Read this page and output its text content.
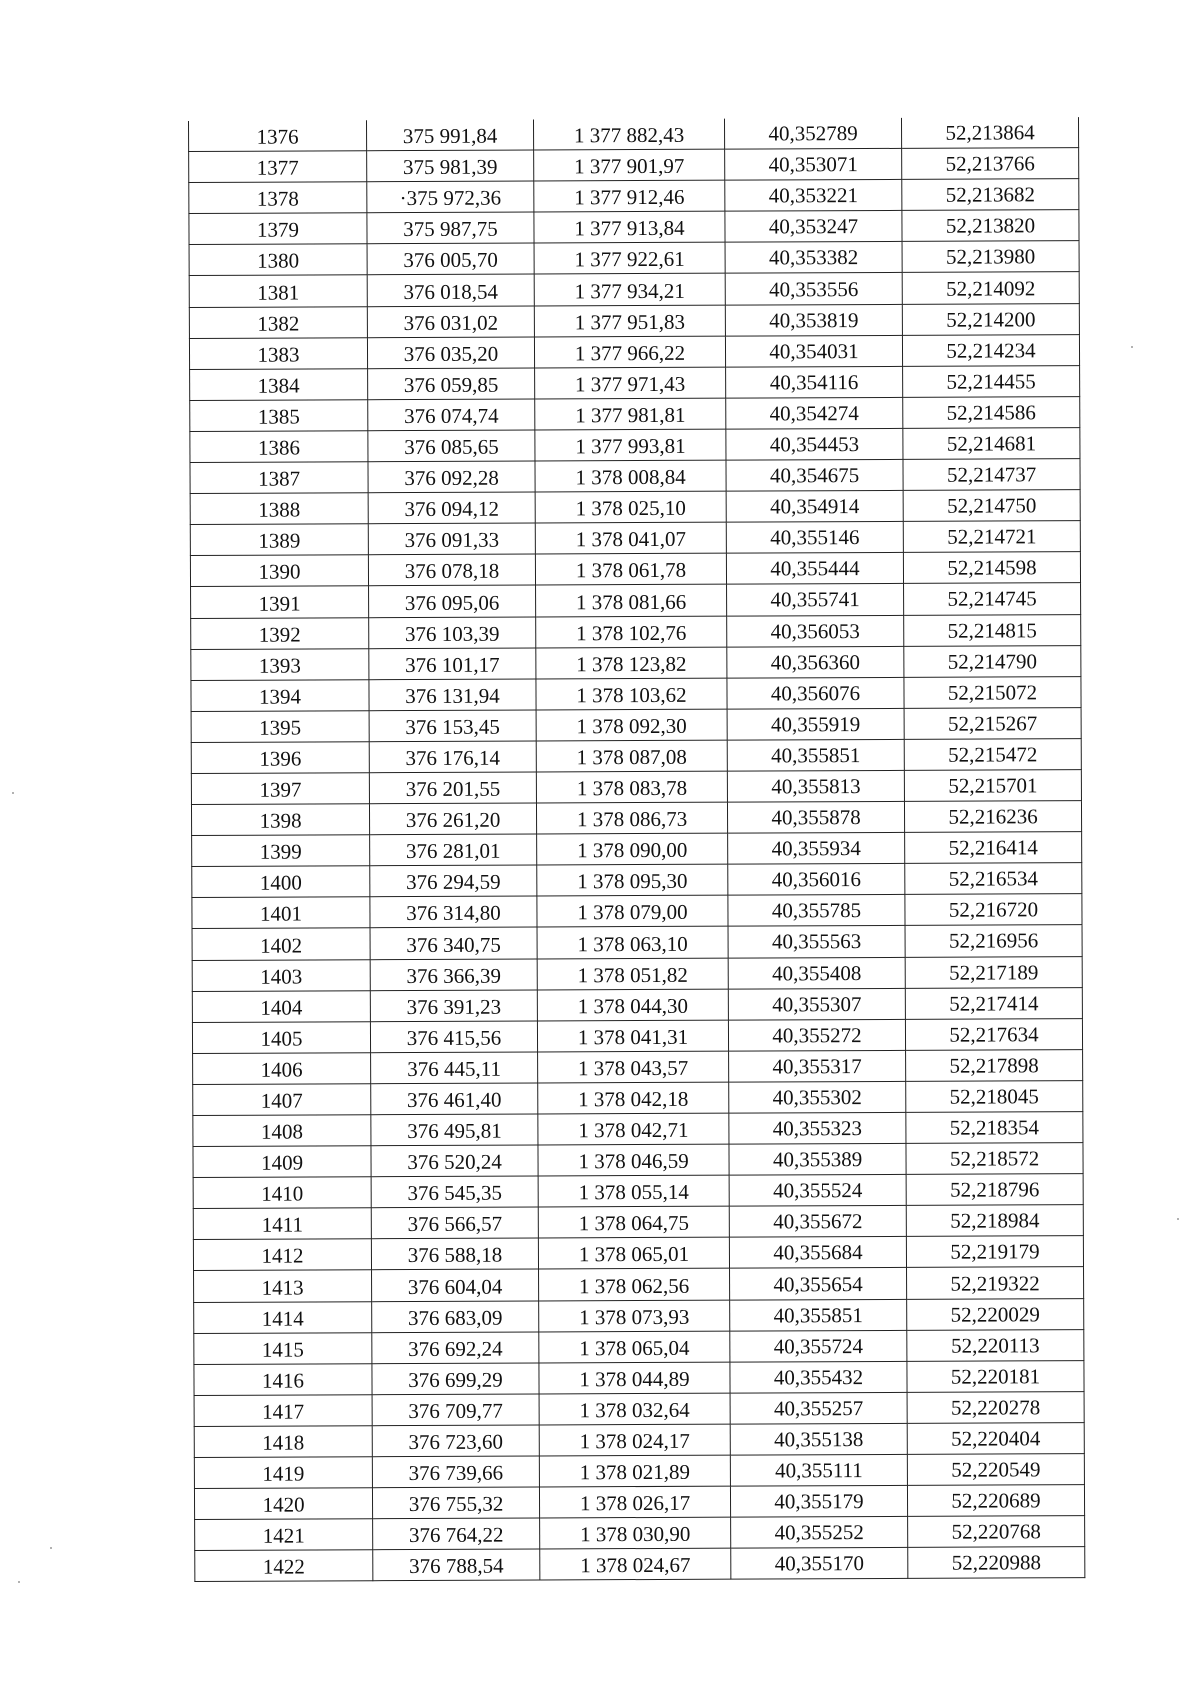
1376	375 991,84	1 377 882,43	40,352789	52,213864
1377	375 981,39	1 377 901,97	40,353071	52,213766
1378	·375 972,36	1 377 912,46	40,353221	52,213682
1379	375 987,75	1 377 913,84	40,353247	52,213820
1380	376 005,70	1 377 922,61	40,353382	52,213980
1381	376 018,54	1 377 934,21	40,353556	52,214092
1382	376 031,02	1 377 951,83	40,353819	52,214200
1383	376 035,20	1 377 966,22	40,354031	52,214234
1384	376 059,85	1 377 971,43	40,354116	52,214455
1385	376 074,74	1 377 981,81	40,354274	52,214586
1386	376 085,65	1 377 993,81	40,354453	52,214681
1387	376 092,28	1 378 008,84	40,354675	52,214737
1388	376 094,12	1 378 025,10	40,354914	52,214750
1389	376 091,33	1 378 041,07	40,355146	52,214721
1390	376 078,18	1 378 061,78	40,355444	52,214598
1391	376 095,06	1 378 081,66	40,355741	52,214745
1392	376 103,39	1 378 102,76	40,356053	52,214815
1393	376 101,17	1 378 123,82	40,356360	52,214790
1394	376 131,94	1 378 103,62	40,356076	52,215072
1395	376 153,45	1 378 092,30	40,355919	52,215267
1396	376 176,14	1 378 087,08	40,355851	52,215472
1397	376 201,55	1 378 083,78	40,355813	52,215701
1398	376 261,20	1 378 086,73	40,355878	52,216236
1399	376 281,01	1 378 090,00	40,355934	52,216414
1400	376 294,59	1 378 095,30	40,356016	52,216534
1401	376 314,80	1 378 079,00	40,355785	52,216720
1402	376 340,75	1 378 063,10	40,355563	52,216956
1403	376 366,39	1 378 051,82	40,355408	52,217189
1404	376 391,23	1 378 044,30	40,355307	52,217414
1405	376 415,56	1 378 041,31	40,355272	52,217634
1406	376 445,11	1 378 043,57	40,355317	52,217898
1407	376 461,40	1 378 042,18	40,355302	52,218045
1408	376 495,81	1 378 042,71	40,355323	52,218354
1409	376 520,24	1 378 046,59	40,355389	52,218572
1410	376 545,35	1 378 055,14	40,355524	52,218796
1411	376 566,57	1 378 064,75	40,355672	52,218984
1412	376 588,18	1 378 065,01	40,355684	52,219179
1413	376 604,04	1 378 062,56	40,355654	52,219322
1414	376 683,09	1 378 073,93	40,355851	52,220029
1415	376 692,24	1 378 065,04	40,355724	52,220113
1416	376 699,29	1 378 044,89	40,355432	52,220181
1417	376 709,77	1 378 032,64	40,355257	52,220278
1418	376 723,60	1 378 024,17	40,355138	52,220404
1419	376 739,66	1 378 021,89	40,355111	52,220549
1420	376 755,32	1 378 026,17	40,355179	52,220689
1421	376 764,22	1 378 030,90	40,355252	52,220768
1422	376 788,54	1 378 024,67	40,355170	52,220988
